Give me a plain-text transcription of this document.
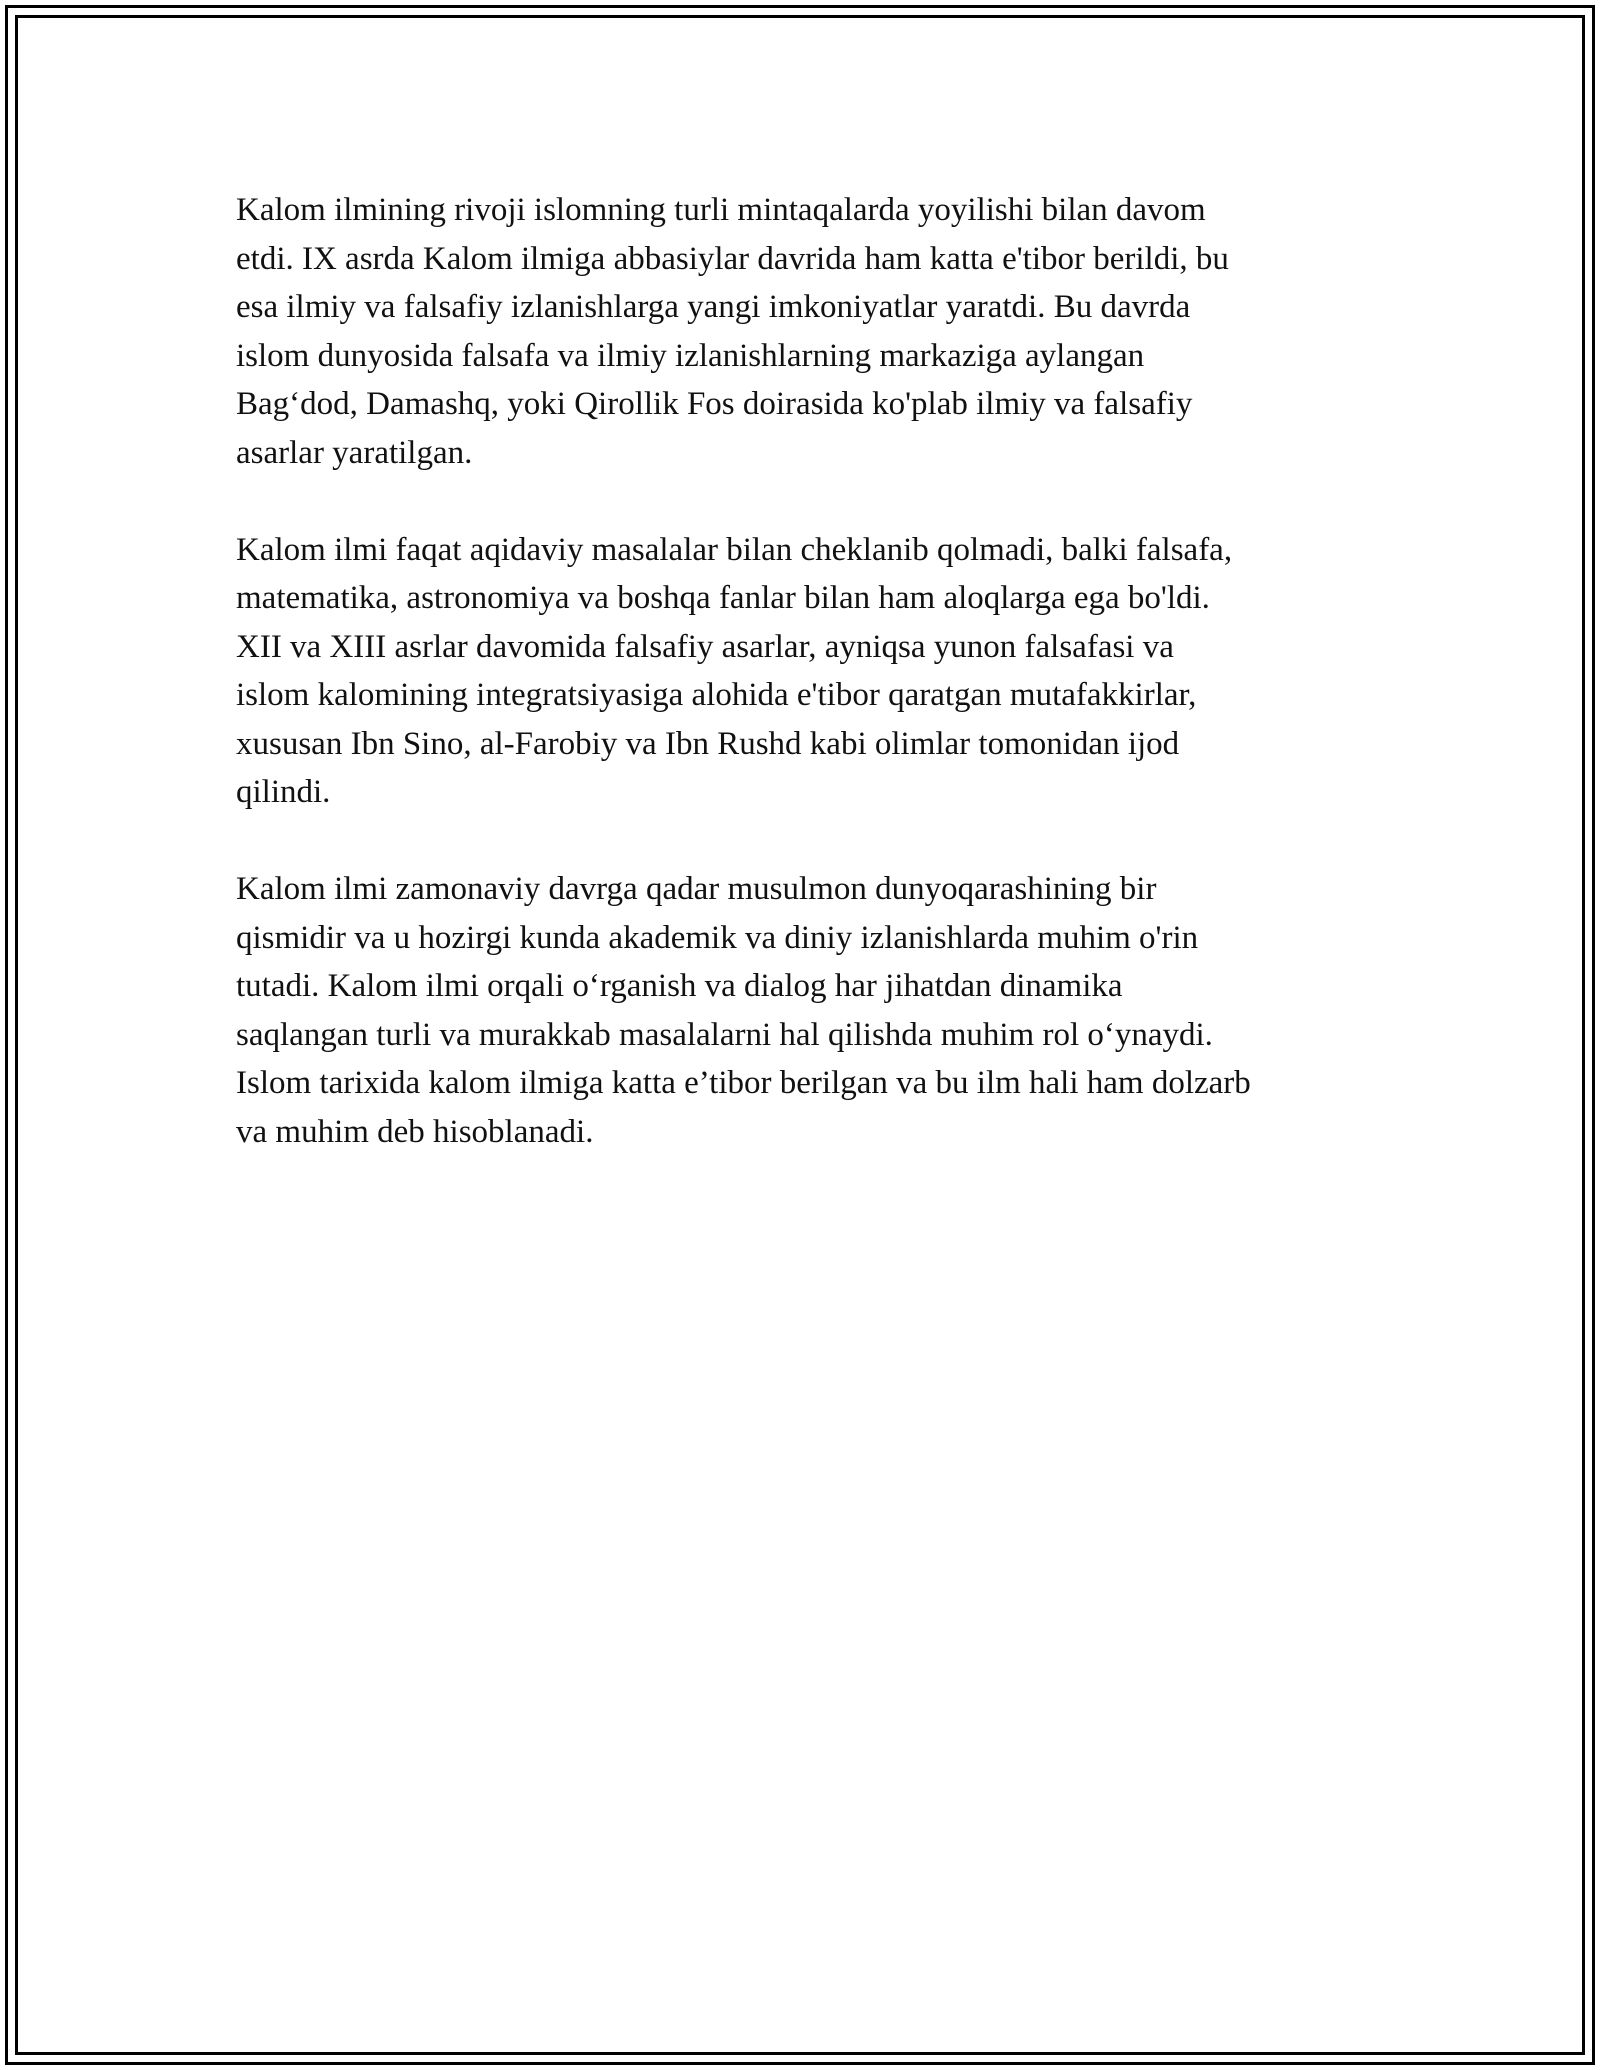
Kalom ilmining rivoji islomning turli mintaqalarda yoyilishi bilan davom
etdi. IX asrda Kalom ilmiga abbasiylar davrida ham katta e'tibor berildi, bu
esa ilmiy va falsafiy izlanishlarga yangi imkoniyatlar yaratdi. Bu davrda
islom dunyosida falsafa va ilmiy izlanishlarning markaziga aylangan
Bag‘dod, Damashq, yoki Qirollik Fos doirasida ko'plab ilmiy va falsafiy
asarlar yaratilgan.

Kalom ilmi faqat aqidaviy masalalar bilan cheklanib qolmadi, balki falsafa,
matematika, astronomiya va boshqa fanlar bilan ham aloqlarga ega bo'ldi.
XII va XIII asrlar davomida falsafiy asarlar, ayniqsa yunon falsafasi va
islom kalomining integratsiyasiga alohida e'tibor qaratgan mutafakkirlar,
xususan Ibn Sino, al-Farobiy va Ibn Rushd kabi olimlar tomonidan ijod
qilindi.

Kalom ilmi zamonaviy davrga qadar musulmon dunyoqarashining bir
qismidir va u hozirgi kunda akademik va diniy izlanishlarda muhim o'rin
tutadi. Kalom ilmi orqali o‘rganish va dialog har jihatdan dinamika
saqlangan turli va murakkab masalalarni hal qilishda muhim rol o‘ynaydi.
Islom tarixida kalom ilmiga katta e’tibor berilgan va bu ilm hali ham dolzarb
va muhim deb hisoblanadi.
